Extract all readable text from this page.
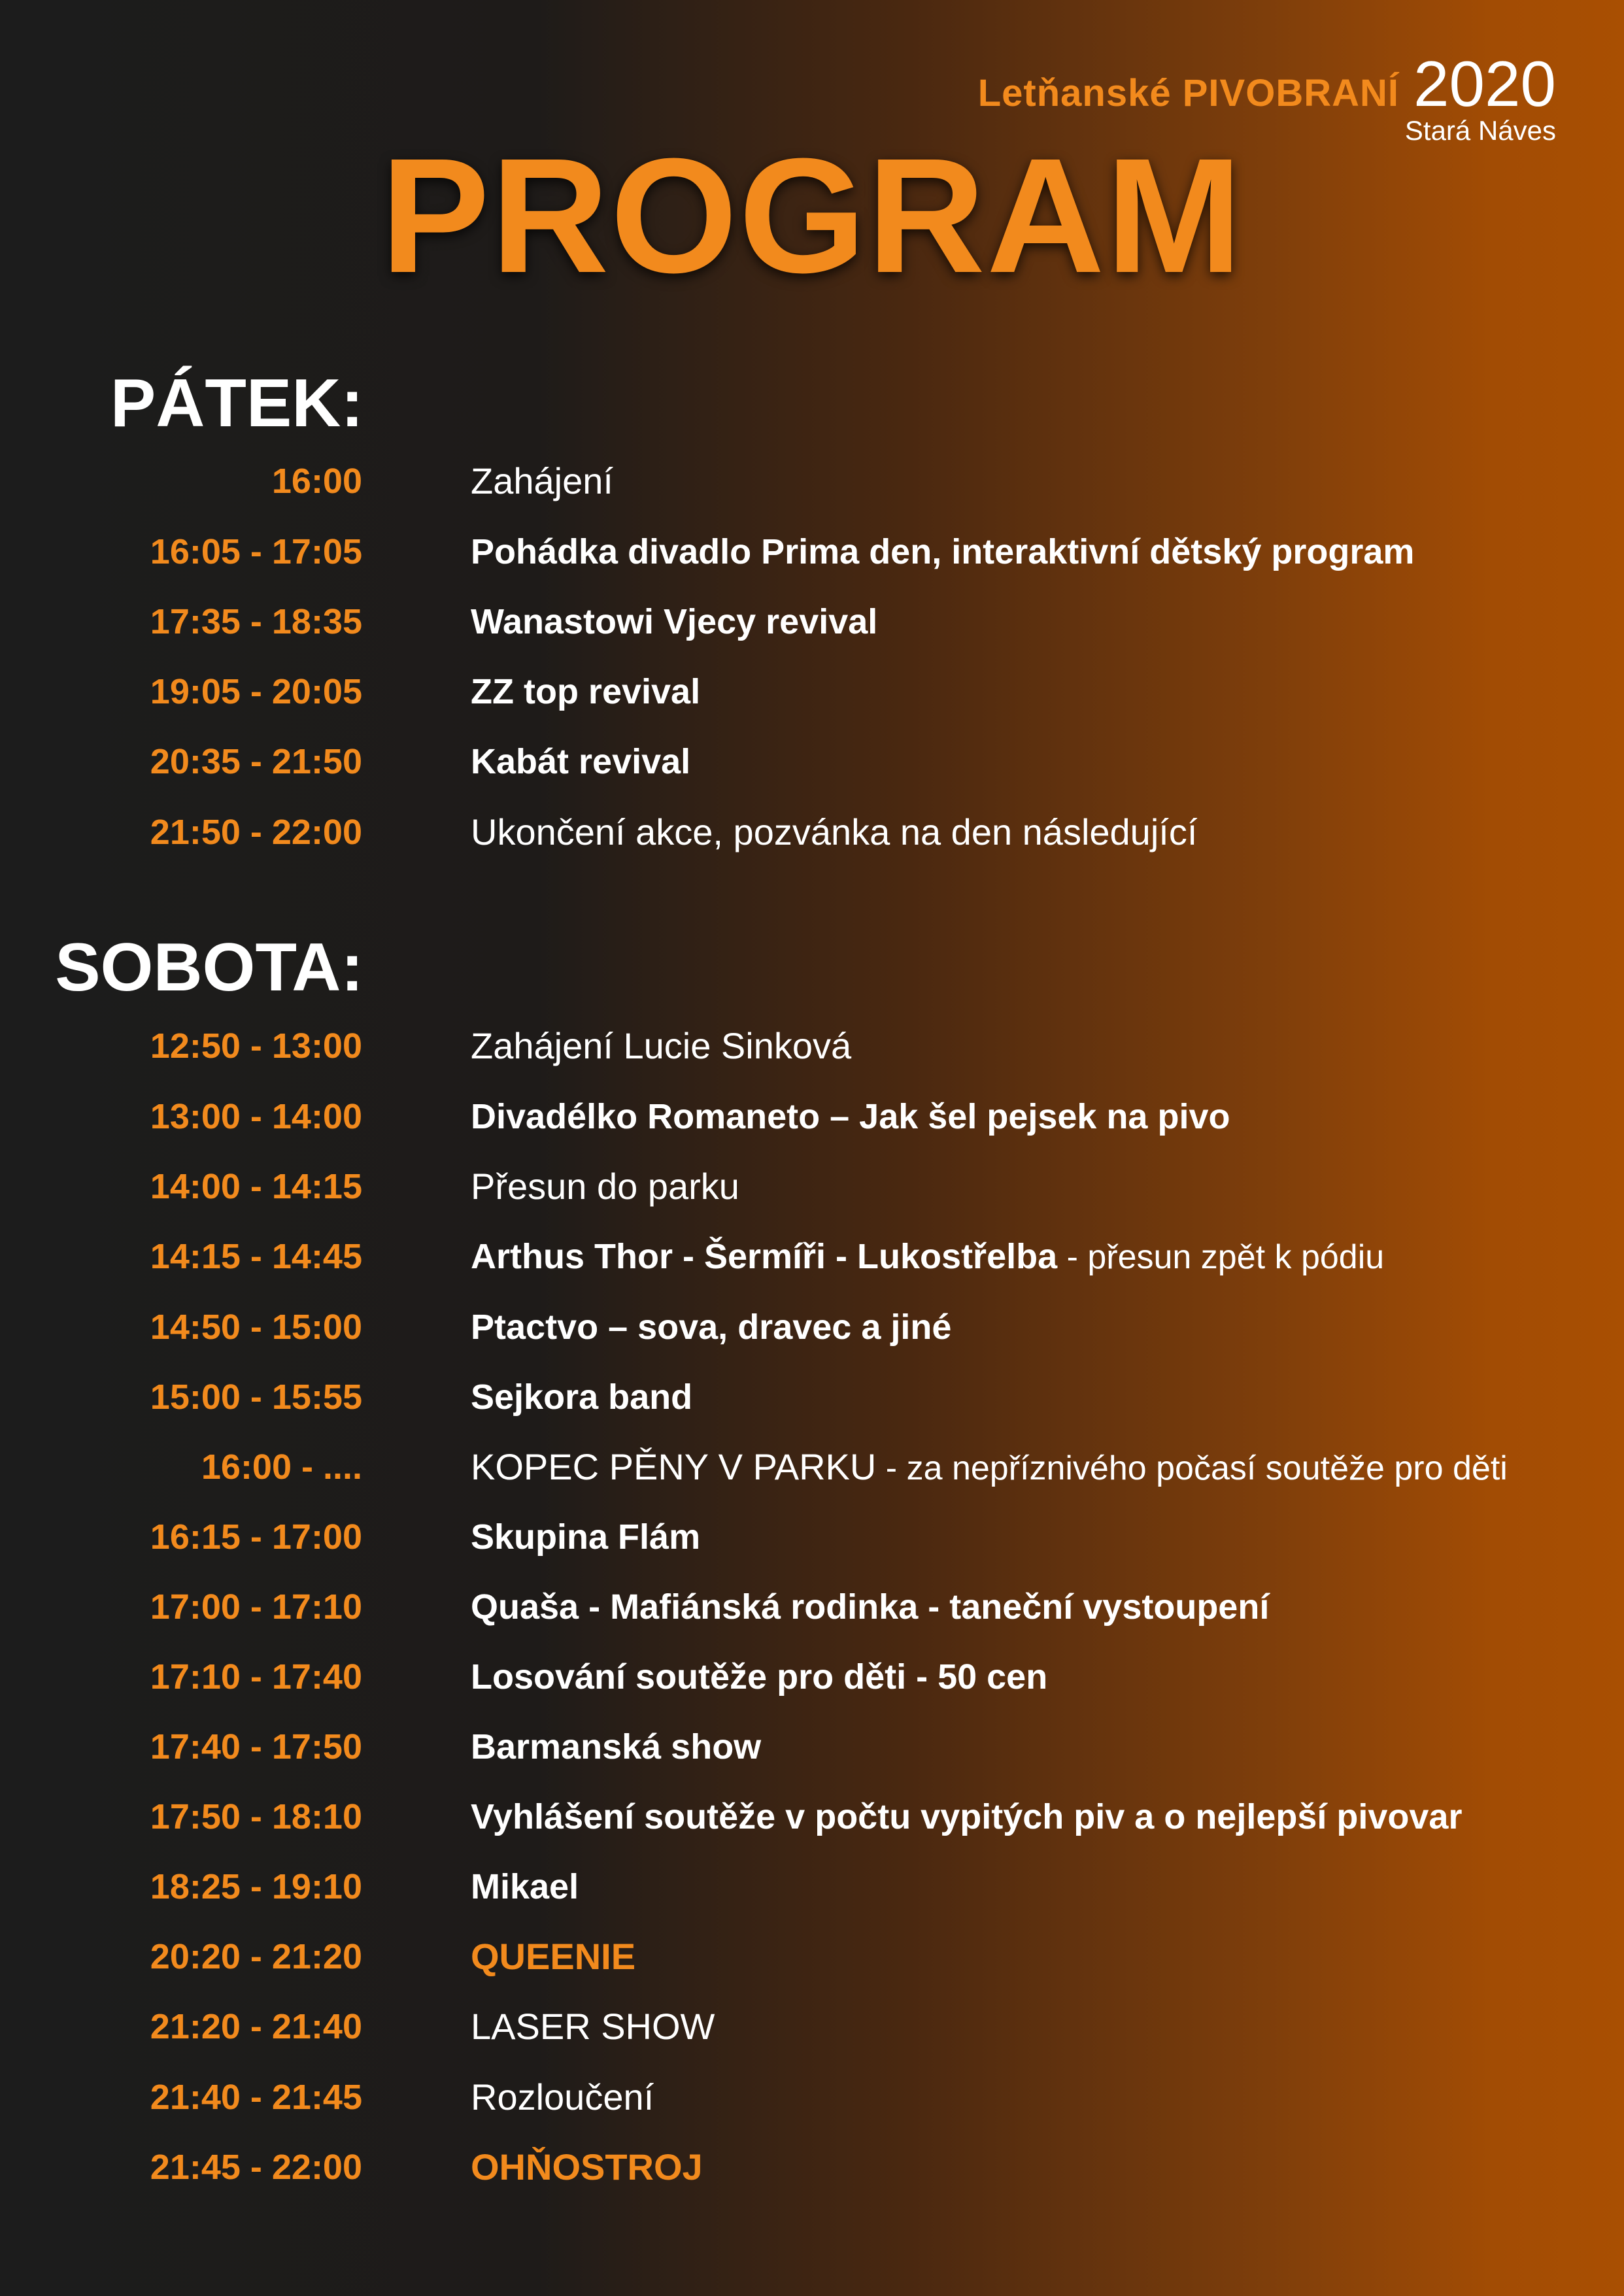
Letňanské PIVOBRANÍ 2020
Stará Náves
PROGRAM
PÁTEK:
16:00	Zahájení
16:05 - 17:05	Pohádka divadlo Prima den, interaktivní dětský program
17:35 - 18:35	Wanastowi Vjecy revival
19:05 - 20:05	ZZ top revival
20:35 - 21:50	Kabát revival
21:50 - 22:00	Ukončení akce, pozvánka na den následující
SOBOTA:
12:50 - 13:00	Zahájení Lucie Sinková
13:00 - 14:00	Divadélko Romaneto – Jak šel pejsek na pivo
14:00 - 14:15	Přesun do parku
14:15 - 14:45	Arthus Thor - Šermíři - Lukostřelba - přesun zpět k pódiu
14:50 - 15:00	Ptactvo – sova, dravec a jiné
15:00 - 15:55	Sejkora band
16:00 - ....	KOPEC PĚNY V PARKU - za nepříznivého počasí soutěže pro děti
16:15 - 17:00	Skupina Flám
17:00 - 17:10	Quaša - Mafiánská rodinka - taneční vystoupení
17:10 - 17:40	Losování soutěže pro děti - 50 cen
17:40 - 17:50	Barmanská show
17:50 - 18:10	Vyhlášení soutěže v počtu vypitých piv a o nejlepší pivovar
18:25 - 19:10	Mikael
20:20 - 21:20	QUEENIE
21:20 - 21:40	LASER SHOW
21:40 - 21:45	Rozloučení
21:45 - 22:00	OHŇOSTROJ
